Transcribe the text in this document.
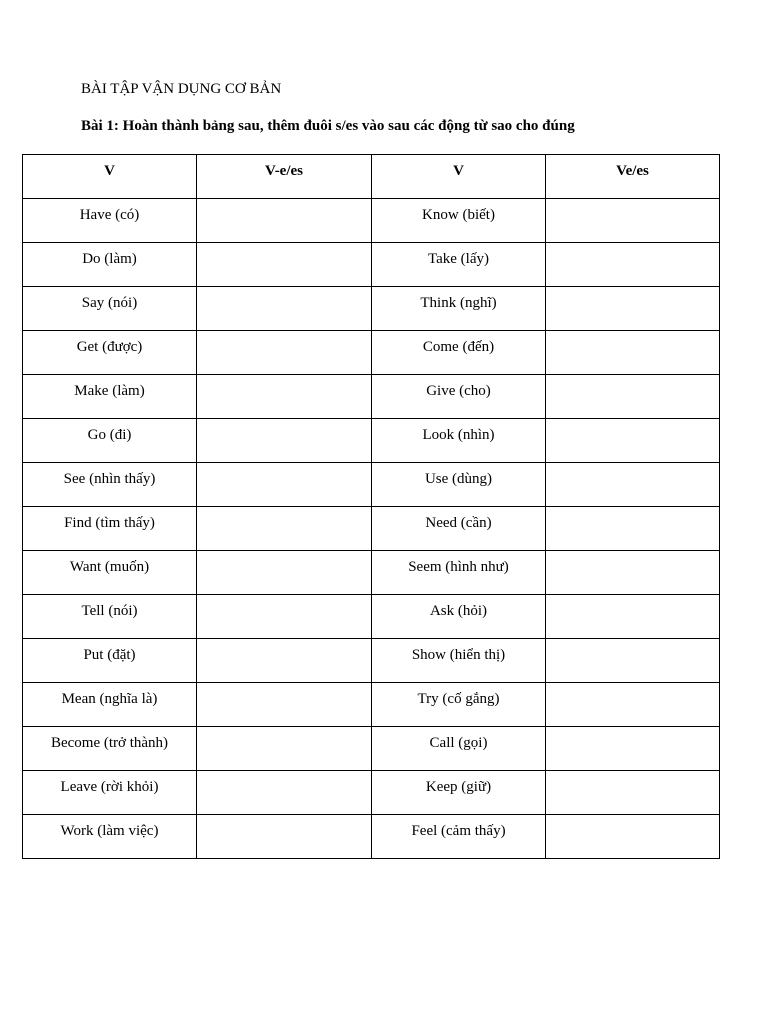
BÀI TẬP VẬN DỤNG CƠ BẢN
Bài 1: Hoàn thành bảng sau, thêm đuôi s/es vào sau các động từ sao cho đúng
V	V-e/es	V	Ve/es
Have (có)		Know (biết)	
Do (làm)		Take (lấy)	
Say (nói)		Think (nghĩ)	
Get (được)		Come (đến)	
Make (làm)		Give (cho)	
Go (đi)		Look (nhìn)	
See (nhìn thấy)		Use (dùng)	
Find (tìm thấy)		Need (cần)	
Want (muốn)		Seem (hình như)	
Tell (nói)		Ask (hỏi)	
Put (đặt)		Show (hiển thị)	
Mean (nghĩa là)		Try (cố gắng)	
Become (trở thành)		Call (gọi)	
Leave (rời khỏi)		Keep (giữ)	
Work (làm việc)		Feel (cảm thấy)	
